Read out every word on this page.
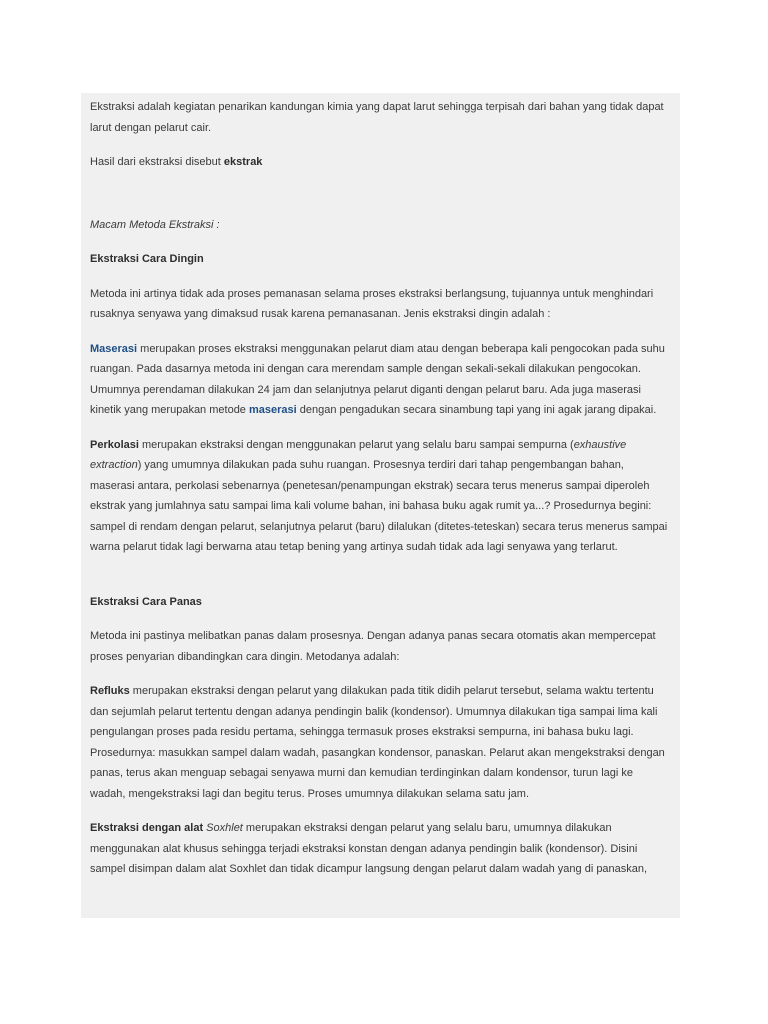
Ekstraksi adalah kegiatan penarikan kandungan kimia yang dapat larut sehingga terpisah dari bahan yang tidak dapat larut dengan pelarut cair.

Hasil dari ekstraksi disebut ekstrak

Macam Metoda Ekstraksi :

Ekstraksi Cara Dingin

Metoda ini artinya tidak ada proses pemanasan selama proses ekstraksi berlangsung, tujuannya untuk menghindari rusaknya senyawa yang dimaksud rusak karena pemanasanan. Jenis ekstraksi dingin adalah :

Maserasi merupakan proses ekstraksi menggunakan pelarut diam atau dengan beberapa kali pengocokan pada suhu ruangan. Pada dasarnya metoda ini dengan cara merendam sample dengan sekali-sekali dilakukan pengocokan. Umumnya perendaman dilakukan 24 jam dan selanjutnya pelarut diganti dengan pelarut baru. Ada juga maserasi kinetik yang merupakan metode maserasi dengan pengadukan secara sinambung tapi yang ini agak jarang dipakai.

Perkolasi merupakan ekstraksi dengan menggunakan pelarut yang selalu baru sampai sempurna (exhaustive extraction) yang umumnya dilakukan pada suhu ruangan. Prosesnya terdiri dari tahap pengembangan bahan, maserasi antara, perkolasi sebenarnya (penetesan/penampungan ekstrak) secara terus menerus sampai diperoleh ekstrak yang jumlahnya satu sampai lima kali volume bahan, ini bahasa buku agak rumit ya...? Prosedurnya begini: sampel di rendam dengan pelarut, selanjutnya pelarut (baru) dilalukan (ditetes-teteskan) secara terus menerus sampai warna pelarut tidak lagi berwarna atau tetap bening yang artinya sudah tidak ada lagi senyawa yang terlarut.

Ekstraksi Cara Panas

Metoda ini pastinya melibatkan panas dalam prosesnya. Dengan adanya panas secara otomatis akan mempercepat proses penyarian dibandingkan cara dingin. Metodanya adalah:

Refluks merupakan ekstraksi dengan pelarut yang dilakukan pada titik didih pelarut tersebut, selama waktu tertentu dan sejumlah pelarut tertentu dengan adanya pendingin balik (kondensor). Umumnya dilakukan tiga sampai lima kali pengulangan proses pada residu pertama, sehingga termasuk proses ekstraksi sempurna, ini bahasa buku lagi. Prosedurnya: masukkan sampel dalam wadah, pasangkan kondensor, panaskan. Pelarut akan mengekstraksi dengan panas, terus akan menguap sebagai senyawa murni dan kemudian terdinginkan dalam kondensor, turun lagi ke wadah, mengekstraksi lagi dan begitu terus. Proses umumnya dilakukan selama satu jam.

Ekstraksi dengan alat Soxhlet merupakan ekstraksi dengan pelarut yang selalu baru, umumnya dilakukan menggunakan alat khusus sehingga terjadi ekstraksi konstan dengan adanya pendingin balik (kondensor). Disini sampel disimpan dalam alat Soxhlet dan tidak dicampur langsung dengan pelarut dalam wadah yang di panaskan,
